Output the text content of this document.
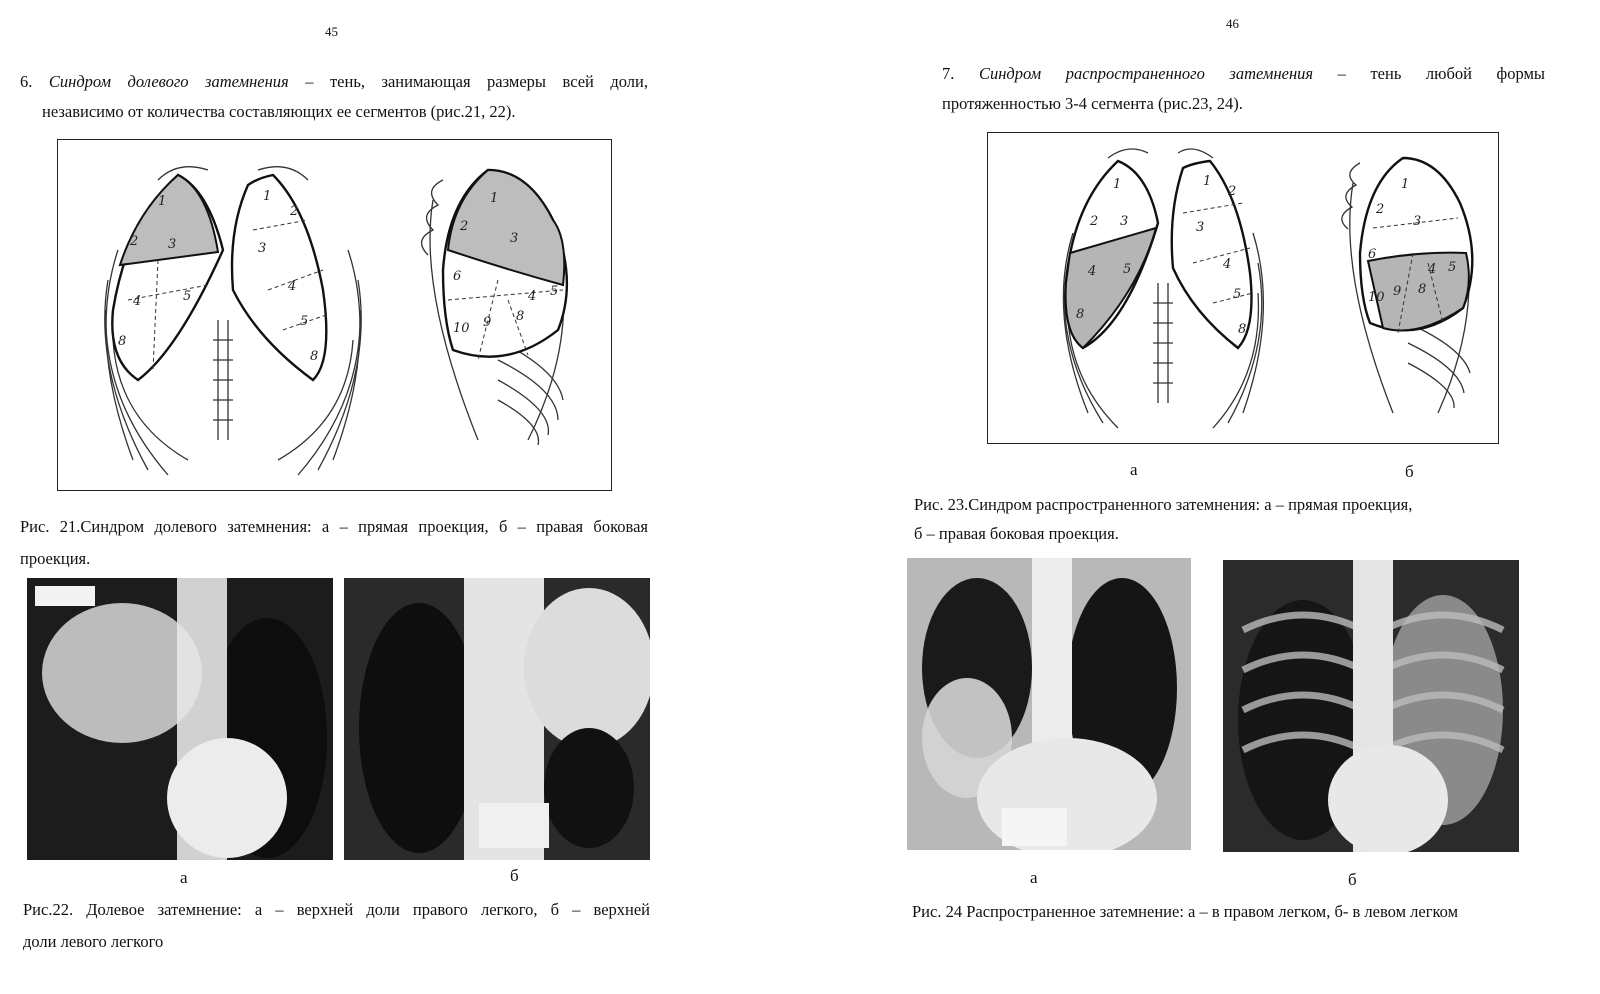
45
6. Синдром долевого затемнения – тень, занимающая размеры всей доли,
независимо от количества составляющих ее сегментов (рис.21, 22).
1
2 3
4	5
8
1
2
3
4
5
8
1
2
3
6
4 5
8
9
10
Рис. 21.Синдром долевого затемнения: а – прямая проекция, б – правая боковая
проекция.
а	б
Рис.22. Долевое затемнение: а – верхней доли правого легкого, б – верхней
доли левого легкого
46
7. Синдром распространенного затемнения – тень любой формы
протяженностью 3-4 сегмента (рис.23, 24).
1
2 3
4 5
8
1
2
3
4
5
8
1
2
3
6
4 5
8
9
10
а	б
Рис. 23.Синдром распространенного затемнения: а – прямая проекция,
б – правая боковая проекция.
а	б
Рис. 24 Распространенное затемнение: а – в правом легком, б- в левом легком
